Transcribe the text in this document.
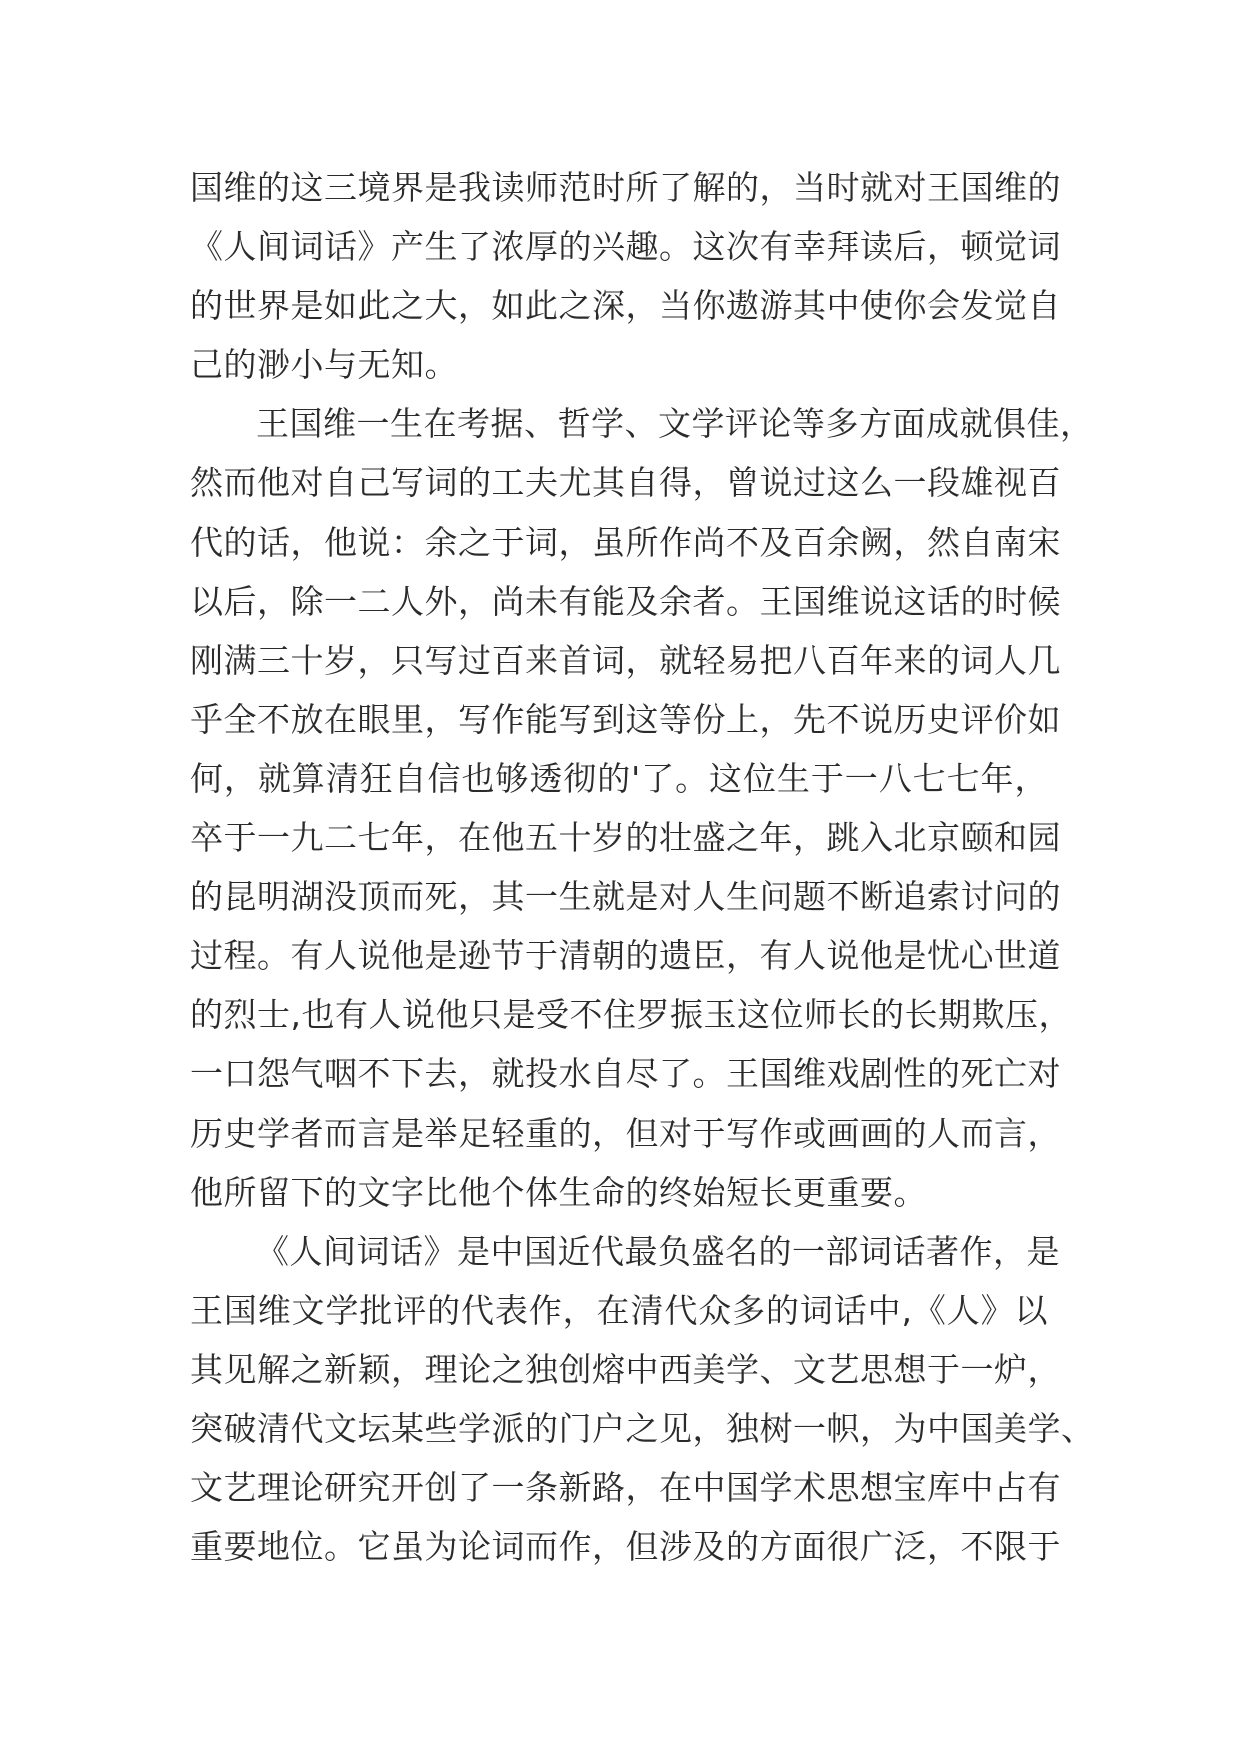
国维的这三境界是我读师范时所了解的，当时就对王国维的
《人间词话》产生了浓厚的兴趣。这次有幸拜读后，顿觉词
的世界是如此之大，如此之深，当你遨游其中使你会发觉自
己的渺小与无知。
王国维一生在考据、哲学、文学评论等多方面成就俱佳，
然而他对自己写词的工夫尤其自得，曾说过这么一段雄视百
代的话，他说：余之于词，虽所作尚不及百余阙，然自南宋
以后，除一二人外，尚未有能及余者。王国维说这话的时候
刚满三十岁，只写过百来首词，就轻易把八百年来的词人几
乎全不放在眼里，写作能写到这等份上，先不说历史评价如
何，就算清狂自信也够透彻的'了。这位生于一八七七年，
卒于一九二七年，在他五十岁的壮盛之年，跳入北京颐和园
的昆明湖没顶而死，其一生就是对人生问题不断追索讨问的
过程。有人说他是逊节于清朝的遗臣，有人说他是忧心世道
的烈士,也有人说他只是受不住罗振玉这位师长的长期欺压，
一口怨气咽不下去，就投水自尽了。王国维戏剧性的死亡对
历史学者而言是举足轻重的，但对于写作或画画的人而言，
他所留下的文字比他个体生命的终始短长更重要。
《人间词话》是中国近代最负盛名的一部词话著作，是
王国维文学批评的代表作，在清代众多的词话中,《人》以
其见解之新颖，理论之独创熔中西美学、文艺思想于一炉，
突破清代文坛某些学派的门户之见，独树一帜，为中国美学、
文艺理论研究开创了一条新路，在中国学术思想宝库中占有
重要地位。它虽为论词而作，但涉及的方面很广泛，不限于
